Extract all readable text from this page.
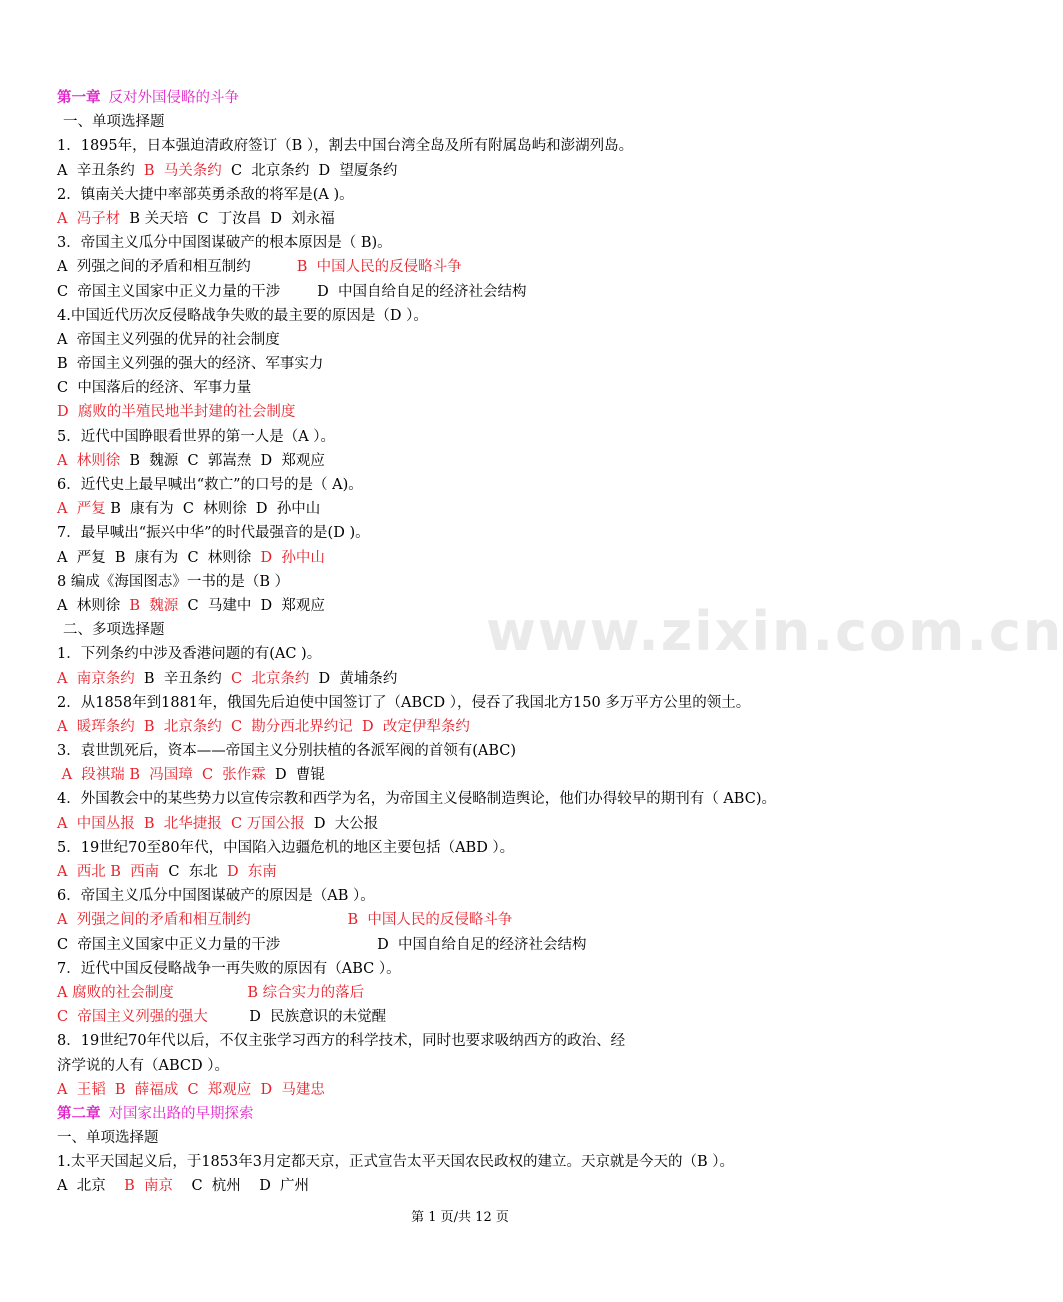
第一章 反对外国侵略的斗争
一、单项选择题
1．1895年，日本强迫清政府签订（B ），割去中国台湾全岛及所有附属岛屿和澎湖列岛。
A  辛丑条约  B  马关条约  C  北京条约  D  望厦条约
2．镇南关大捷中率部英勇杀敌的将军是(A )。
A  冯子材  B 关天培  C  丁汝昌  D  刘永福
3．帝国主义瓜分中国图谋破产的根本原因是（ B)。
A  列强之间的矛盾和相互制约          B  中国人民的反侵略斗争
C  帝国主义国家中正义力量的干涉        D  中国自给自足的经济社会结构
4.中国近代历次反侵略战争失败的最主要的原因是（D ）。
A  帝国主义列强的优异的社会制度
B  帝国主义列强的强大的经济、军事实力
C  中国落后的经济、军事力量
D  腐败的半殖民地半封建的社会制度
5．近代中国睁眼看世界的第一人是（A ）。
A  林则徐  B  魏源  C  郭嵩焘  D  郑观应
6．近代史上最早喊出“救亡”的口号的是（ A)。
A  严复 B  康有为  C  林则徐  D  孙中山
7．最早喊出“振兴中华”的时代最强音的是(D )。
A  严复  B  康有为  C  林则徐  D  孙中山
8 编成《海国图志》一书的是（B ）
A  林则徐  B  魏源  C  马建中  D  郑观应
二、多项选择题
1．下列条约中涉及香港问题的有(AC )。
A  南京条约  B  辛丑条约  C  北京条约  D  黄埔条约
2．从1858年到1881年，俄国先后迫使中国签订了（ABCD ），侵吞了我国北方150 多万平方公里的领土。
A  暖珲条约  B  北京条约  C  勘分西北界约记  D  改定伊犁条约
3．袁世凯死后，资本——帝国主义分别扶植的各派军阀的首领有(ABC)
A  段祺瑞 B  冯国璋  C  张作霖  D  曹锟
4．外国教会中的某些势力以宣传宗教和西学为名，为帝国主义侵略制造舆论，他们办得较早的期刊有（ ABC)。
A  中国丛报  B  北华捷报  C 万国公报  D  大公报
5．19世纪70至80年代，中国陷入边疆危机的地区主要包括（ABD ）。
A  西北 B  西南  C  东北  D  东南
6．帝国主义瓜分中国图谋破产的原因是（AB ）。
A  列强之间的矛盾和相互制约                     B  中国人民的反侵略斗争
C  帝国主义国家中正义力量的干涉                     D  中国自给自足的经济社会结构
7．近代中国反侵略战争一再失败的原因有（ABC ）。
A 腐败的社会制度                B 综合实力的落后
C  帝国主义列强的强大         D  民族意识的未觉醒
8．19世纪70年代以后，不仅主张学习西方的科学技术，同时也要求吸纳西方的政治、经
济学说的人有（ABCD ）。
A  王韬  B  薛福成  C  郑观应  D  马建忠
第二章 对国家出路的早期探索
一、单项选择题
1.太平天国起义后，于1853年3月定都天京，正式宣告太平天国农民政权的建立。天京就是今天的（B ）。
A  北京    B  南京    C  杭州    D  广州
www.zixin.com.cn
第 1 页/共 12 页
